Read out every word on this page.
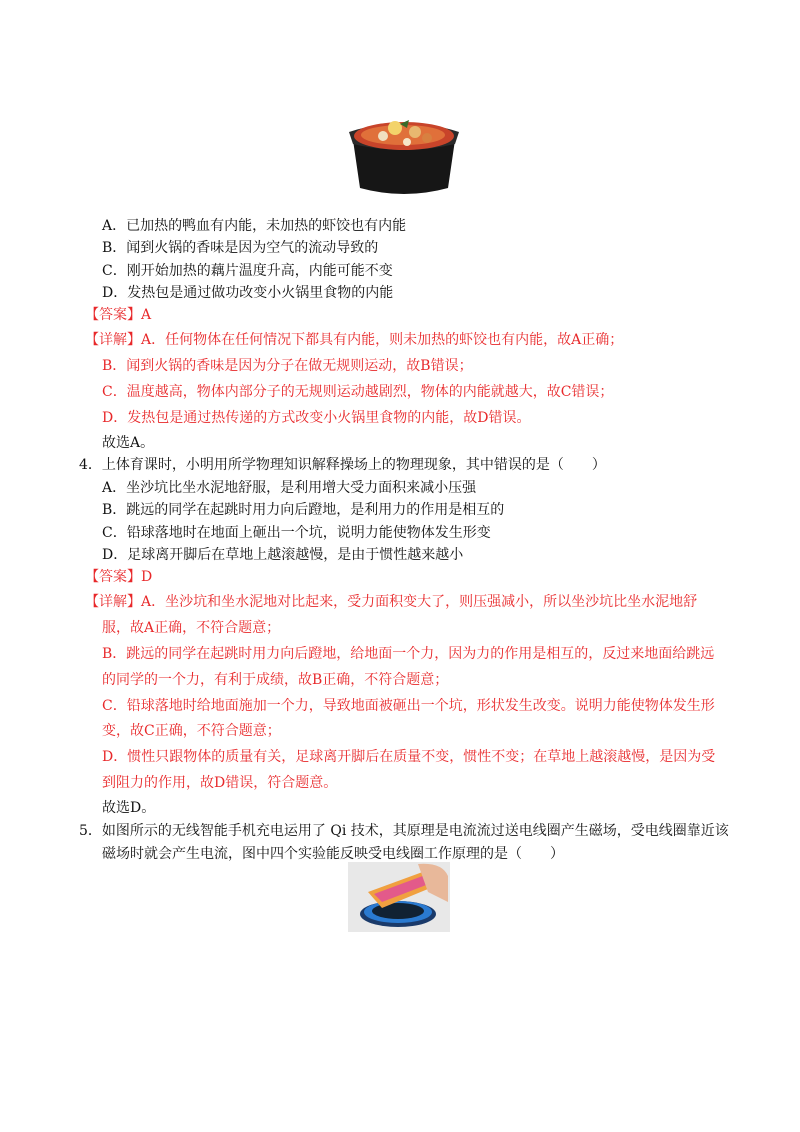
A．已加热的鸭血有内能，未加热的虾饺也有内能
B．闻到火锅的香味是因为空气的流动导致的
C．刚开始加热的藕片温度升高，内能可能不变
D．发热包是通过做功改变小火锅里食物的内能
【答案】A
【详解】A．任何物体在任何情况下都具有内能，则未加热的虾饺也有内能，故A正确；
B．闻到火锅的香味是因为分子在做无规则运动，故B错误；
C．温度越高，物体内部分子的无规则运动越剧烈，物体的内能就越大，故C错误；
D．发热包是通过热传递的方式改变小火锅里食物的内能，故D错误。
故选A。
4．上体育课时，小明用所学物理知识解释操场上的物理现象，其中错误的是（　　）
A．坐沙坑比坐水泥地舒服，是利用增大受力面积来减小压强
B．跳远的同学在起跳时用力向后蹬地，是利用力的作用是相互的
C．铅球落地时在地面上砸出一个坑，说明力能使物体发生形变
D．足球离开脚后在草地上越滚越慢，是由于惯性越来越小
【答案】D
【详解】A．坐沙坑和坐水泥地对比起来，受力面积变大了，则压强减小，所以坐沙坑比坐水泥地舒
服，故A正确，不符合题意；
B．跳远的同学在起跳时用力向后蹬地，给地面一个力，因为力的作用是相互的，反过来地面给跳远
的同学的一个力，有利于成绩，故B正确，不符合题意；
C．铅球落地时给地面施加一个力，导致地面被砸出一个坑，形状发生改变。说明力能使物体发生形
变，故C正确，不符合题意；
D．惯性只跟物体的质量有关，足球离开脚后在质量不变，惯性不变；在草地上越滚越慢，是因为受
到阻力的作用，故D错误，符合题意。
故选D。
5．如图所示的无线智能手机充电运用了 Qi 技术，其原理是电流流过送电线圈产生磁场，受电线圈靠近该
磁场时就会产生电流，图中四个实验能反映受电线圈工作原理的是（　　）
